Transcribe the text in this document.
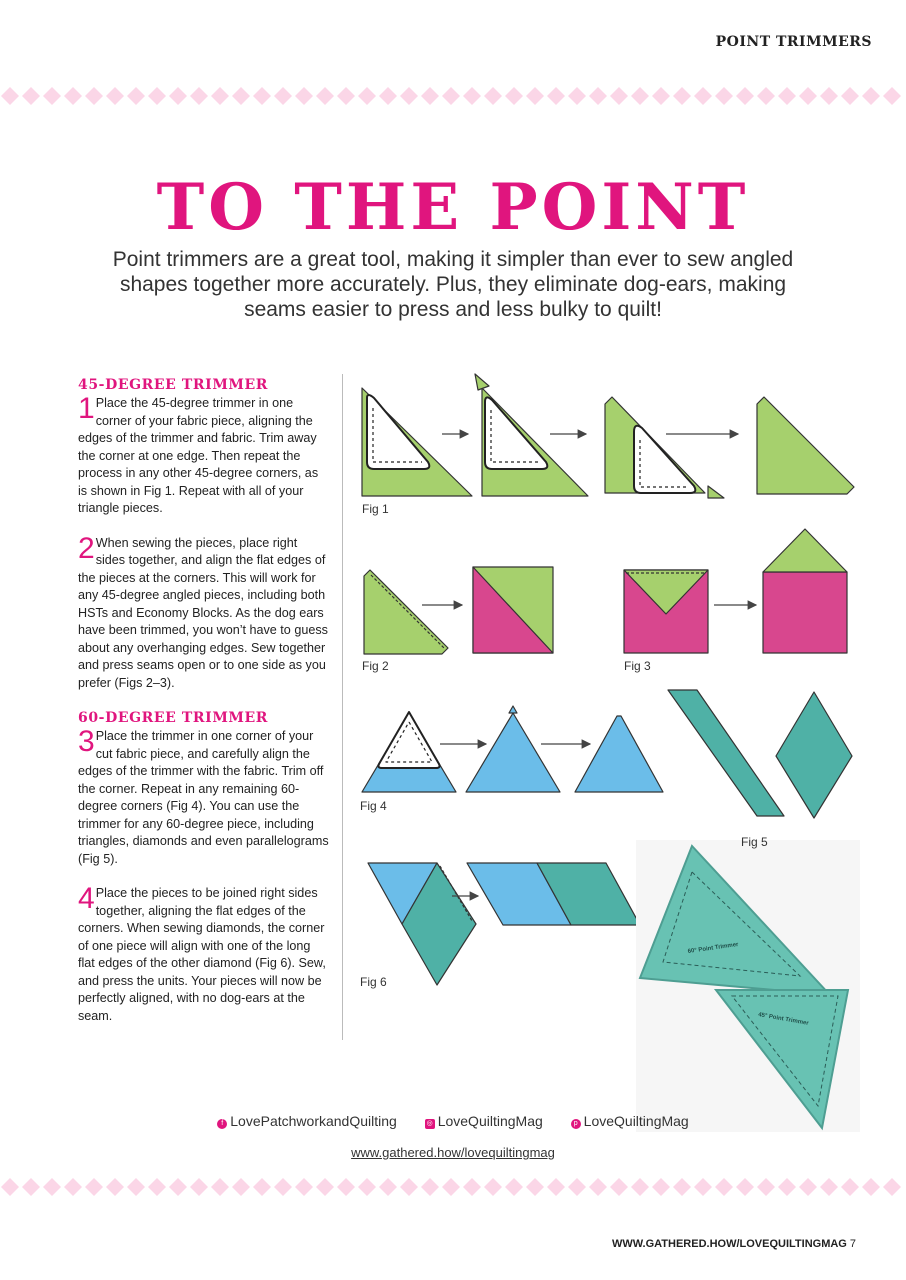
POINT TRIMMERS
TO THE POINT

Point trimmers are a great tool, making it simpler than ever to sew angled shapes together more accurately. Plus, they eliminate dog-ears, making seams easier to press and less bulky to quilt!

45-DEGREE TRIMMER

1 Place the 45-degree trimmer in one corner of your fabric piece, aligning the edges of the trimmer and fabric. Trim away the corner at one edge. Then repeat the process in any other 45-degree corners, as is shown in Fig 1. Repeat with all of your triangle pieces.

2 When sewing the pieces, place right sides together, and align the flat edges of the pieces at the corners. This will work for any 45-degree angled pieces, including both HSTs and Economy Blocks. As the dog ears have been trimmed, you won’t have to guess about any overhanging edges. Sew together and press seams open or to one side as you prefer (Figs 2–3).

60-DEGREE TRIMMER

3 Place the trimmer in one corner of your cut fabric piece, and carefully align the edges of the trimmer with the fabric. Trim off the corner. Repeat in any remaining 60-degree corners (Fig 4). You can use the trimmer for any 60-degree piece, including triangles, diamonds and even parallelograms (Fig 5).

4 Place the pieces to be joined right sides together, aligning the flat edges of the corners. When sewing diamonds, the corner of one piece will align with one of the long flat edges of the other diamond (Fig 6). Sew, and press the units. Your pieces will now be perfectly aligned, with no dog-ears at the seam.

Fig 1
Fig 2	Fig 3
Fig 4
Fig 5
Fig 6
60° Point Trimmer
45° Point Trimmer
f LovePatchworkandQuilting	◎ LoveQuiltingMag	p LoveQuiltingMag
www.gathered.how/lovequiltingmag
WWW.GATHERED.HOW/LOVEQUILTINGMAG 7
